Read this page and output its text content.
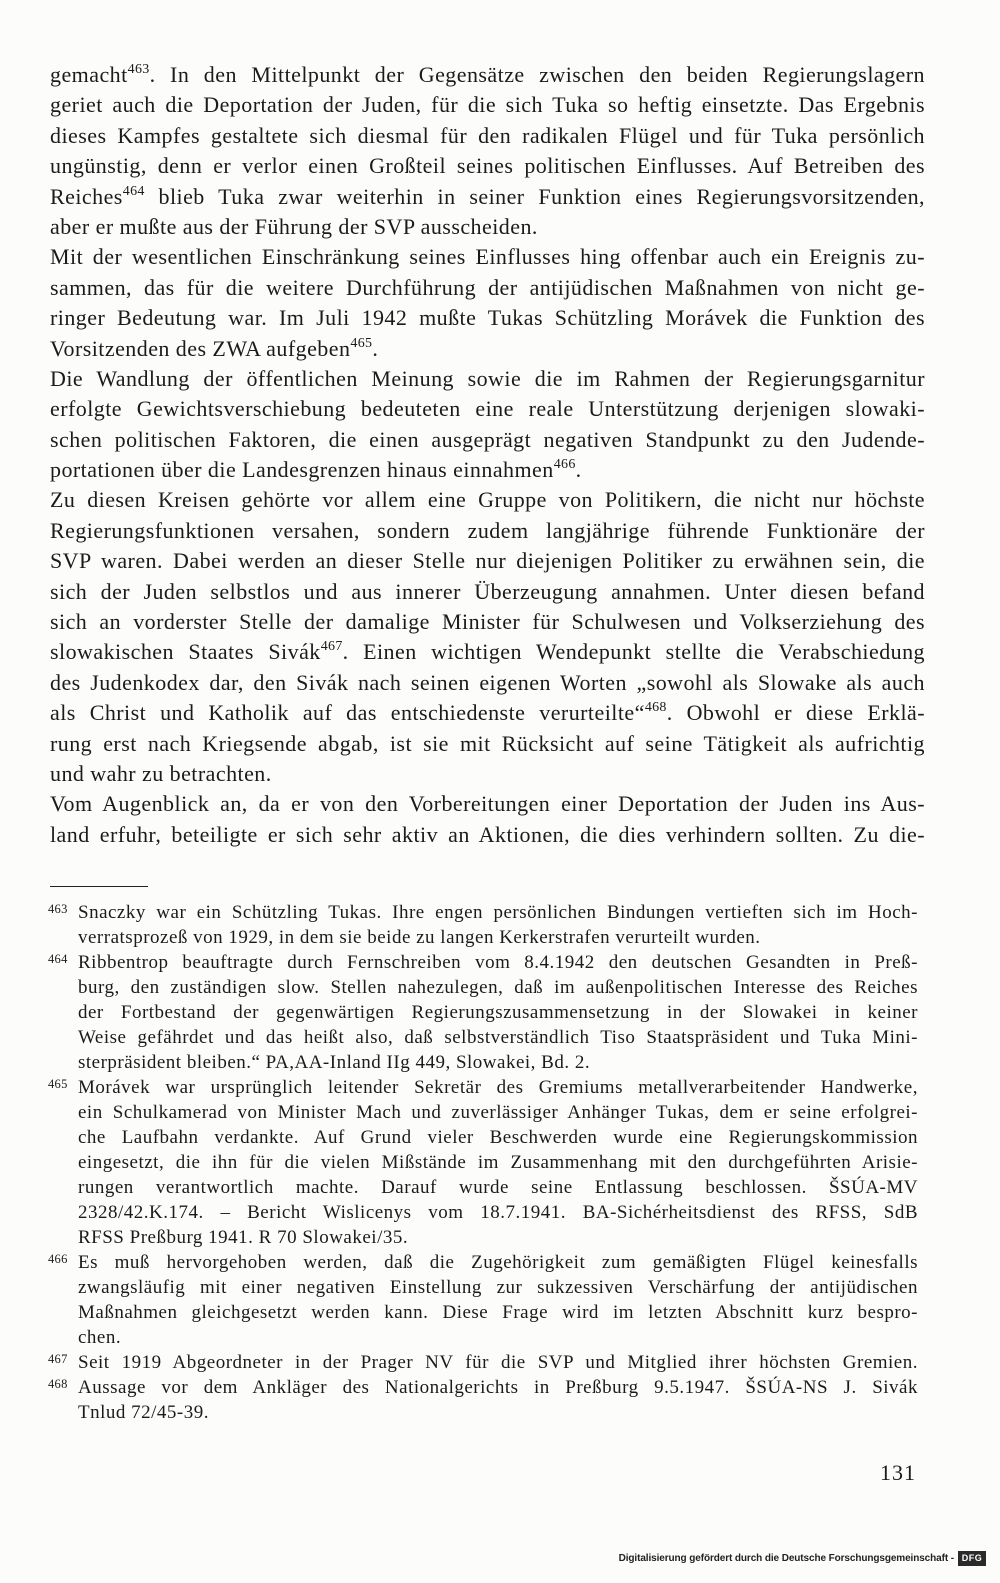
gemacht$^{463}$. In den Mittelpunkt der Gegensätze zwischen den beiden Regierungslagern
geriet auch die Deportation der Juden, für die sich Tuka so heftig einsetzte. Das Ergebnis
dieses Kampfes gestaltete sich diesmal für den radikalen Flügel und für Tuka persönlich
ungünstig, denn er verlor einen Großteil seines politischen Einflusses. Auf Betreiben des
Reiches$^{464}$ blieb Tuka zwar weiterhin in seiner Funktion eines Regierungsvorsitzenden,
aber er mußte aus der Führung der SVP ausscheiden.
Mit der wesentlichen Einschränkung seines Einflusses hing offenbar auch ein Ereignis zu-
sammen, das für die weitere Durchführung der antijüdischen Maßnahmen von nicht ge-
ringer Bedeutung war. Im Juli 1942 mußte Tukas Schützling Morávek die Funktion des
Vorsitzenden des ZWA aufgeben$^{465}$.
Die Wandlung der öffentlichen Meinung sowie die im Rahmen der Regierungsgarnitur
erfolgte Gewichtsverschiebung bedeuteten eine reale Unterstützung derjenigen slowaki-
schen politischen Faktoren, die einen ausgeprägt negativen Standpunkt zu den Judende-
portationen über die Landesgrenzen hinaus einnahmen$^{466}$.
Zu diesen Kreisen gehörte vor allem eine Gruppe von Politikern, die nicht nur höchste
Regierungsfunktionen versahen, sondern zudem langjährige führende Funktionäre der
SVP waren. Dabei werden an dieser Stelle nur diejenigen Politiker zu erwähnen sein, die
sich der Juden selbstlos und aus innerer Überzeugung annahmen. Unter diesen befand
sich an vorderster Stelle der damalige Minister für Schulwesen und Volkserziehung des
slowakischen Staates Sivák$^{467}$. Einen wichtigen Wendepunkt stellte die Verabschiedung
des Judenkodex dar, den Sivák nach seinen eigenen Worten „sowohl als Slowake als auch
als Christ und Katholik auf das entschiedenste verurteilte“$^{468}$. Obwohl er diese Erklä-
rung erst nach Kriegsende abgab, ist sie mit Rücksicht auf seine Tätigkeit als aufrichtig
und wahr zu betrachten.
Vom Augenblick an, da er von den Vorbereitungen einer Deportation der Juden ins Aus-
land erfuhr, beteiligte er sich sehr aktiv an Aktionen, die dies verhindern sollten. Zu die-
463 Snaczky war ein Schützling Tukas. Ihre engen persönlichen Bindungen vertieften sich im Hoch-
verratsprozeß von 1929, in dem sie beide zu langen Kerkerstrafen verurteilt wurden.
464 Ribbentrop beauftragte durch Fernschreiben vom 8.4.1942 den deutschen Gesandten in Preß-
burg, den zuständigen slow. Stellen nahezulegen, daß im außenpolitischen Interesse des Reiches
der Fortbestand der gegenwärtigen Regierungszusammensetzung in der Slowakei in keiner
Weise gefährdet und das heißt also, daß selbstverständlich Tiso Staatspräsident und Tuka Mini-
sterpräsident bleiben.“ PA,AA-Inland IIg 449, Slowakei, Bd. 2.
465 Morávek war ursprünglich leitender Sekretär des Gremiums metallverarbeitender Handwerke,
ein Schulkamerad von Minister Mach und zuverlässiger Anhänger Tukas, dem er seine erfolgrei-
che Laufbahn verdankte. Auf Grund vieler Beschwerden wurde eine Regierungskommission
eingesetzt, die ihn für die vielen Mißstände im Zusammenhang mit den durchgeführten Arisie-
rungen verantwortlich machte. Darauf wurde seine Entlassung beschlossen. ŠSÚA-MV
2328/42.K.174. – Bericht Wislicenys vom 18.7.1941. BA-Sichérheitsdienst des RFSS, SdB
RFSS Preßburg 1941. R 70 Slowakei/35.
466 Es muß hervorgehoben werden, daß die Zugehörigkeit zum gemäßigten Flügel keinesfalls
zwangsläufig mit einer negativen Einstellung zur sukzessiven Verschärfung der antijüdischen
Maßnahmen gleichgesetzt werden kann. Diese Frage wird im letzten Abschnitt kurz bespro-
chen.
467 Seit 1919 Abgeordneter in der Prager NV für die SVP und Mitglied ihrer höchsten Gremien.
468 Aussage vor dem Ankläger des Nationalgerichts in Preßburg 9.5.1947. ŠSÚA-NS J. Sivák
Tnlud 72/45-39.
131
Digitalisierung gefördert durch die Deutsche Forschungsgemeinschaft - DFG
